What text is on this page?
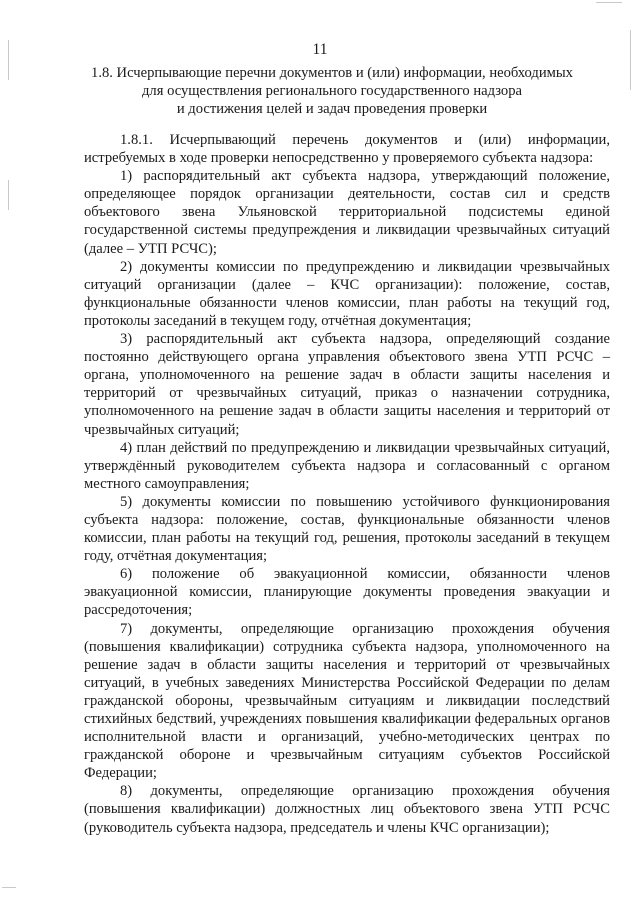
11
1.8. Исчерпывающие перечни документов и (или) информации, необходимых
для осуществления регионального государственного надзора
и достижения целей и задач проведения проверки

1.8.1. Исчерпывающий перечень документов и (или) информации, истребуемых в ходе проверки непосредственно у проверяемого субъекта надзора:

1) распорядительный акт субъекта надзора, утверждающий положение, определяющее порядок организации деятельности, состав сил и средств объектового звена Ульяновской территориальной подсистемы единой государственной системы предупреждения и ликвидации чрезвычайных ситуаций (далее – УТП РСЧС);

2) документы комиссии по предупреждению и ликвидации чрезвычайных ситуаций организации (далее – КЧС организации): положение, состав, функциональные обязанности членов комиссии, план работы на текущий год, протоколы заседаний в текущем году, отчётная документация;

3) распорядительный акт субъекта надзора, определяющий создание постоянно действующего органа управления объектового звена УТП РСЧС – органа, уполномоченного на решение задач в области защиты населения и территорий от чрезвычайных ситуаций, приказ о назначении сотрудника, уполномоченного на решение задач в области защиты населения и территорий от чрезвычайных ситуаций;

4) план действий по предупреждению и ликвидации чрезвычайных ситуаций, утверждённый руководителем субъекта надзора и согласованный с органом местного самоуправления;

5) документы комиссии по повышению устойчивого функционирования субъекта надзора: положение, состав, функциональные обязанности членов комиссии, план работы на текущий год, решения, протоколы заседаний в текущем году, отчётная документация;

6) положение об эвакуационной комиссии, обязанности членов эвакуационной комиссии, планирующие документы проведения эвакуации и рассредоточения;

7) документы, определяющие организацию прохождения обучения (повышения квалификации) сотрудника субъекта надзора, уполномоченного на решение задач в области защиты населения и территорий от чрезвычайных ситуаций, в учебных заведениях Министерства Российской Федерации по делам гражданской обороны, чрезвычайным ситуациям и ликвидации последствий стихийных бедствий, учреждениях повышения квалификации федеральных органов исполнительной власти и организаций, учебно-методических центрах по гражданской обороне и чрезвычайным ситуациям субъектов Российской Федерации;

8) документы, определяющие организацию прохождения обучения (повышения квалификации) должностных лиц объектового звена УТП РСЧС (руководитель субъекта надзора, председатель и члены КЧС организации);
